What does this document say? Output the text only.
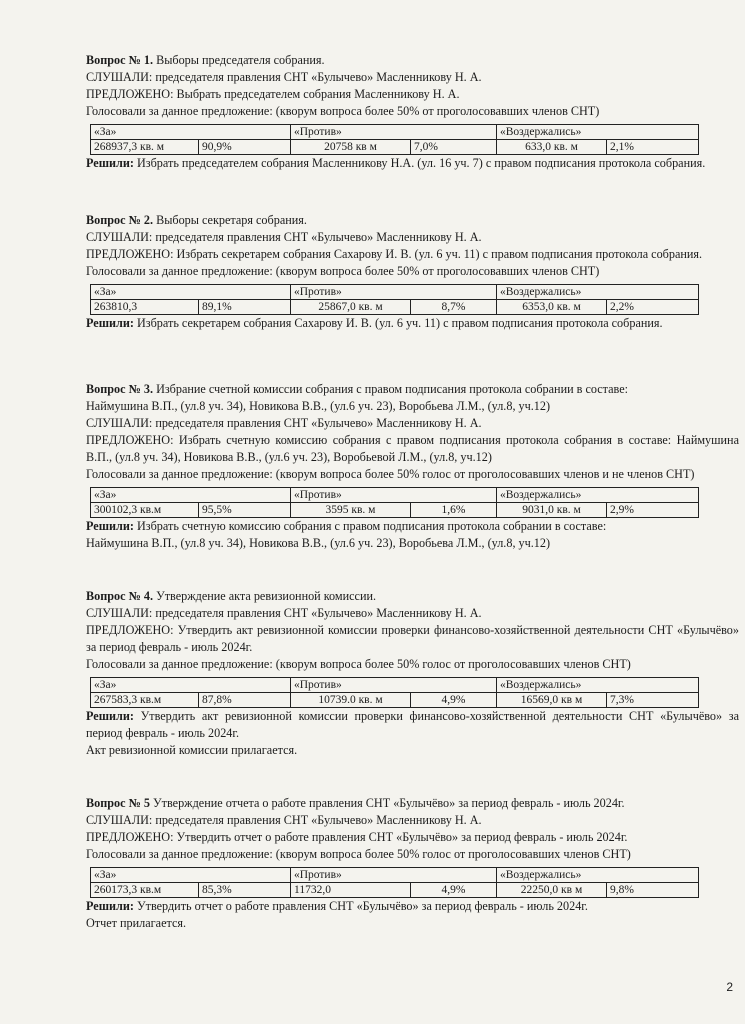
Вопрос № 1. Выборы председателя собрания.
СЛУШАЛИ: председателя правления СНТ «Булычево» Масленникову Н. А.
ПРЕДЛОЖЕНО: Выбрать председателем собрания Масленникову Н. А.
Голосовали за данное предложение: (кворум вопроса более 50% от проголосовавших членов СНТ)
«За»		«Против»		«Воздержались»	
268937,3 кв. м	90,9%	20758 кв м	7,0%	633,0 кв. м	2,1%
Решили: Избрать председателем собрания Масленникову Н.А. (ул. 16 уч. 7) с правом подписания протокола собрания.
Вопрос № 2. Выборы секретаря собрания.
СЛУШАЛИ: председателя правления СНТ «Булычево» Масленникову Н. А.
ПРЕДЛОЖЕНО: Избрать секретарем собрания Сахарову И. В. (ул. 6 уч. 11) с правом подписания протокола собрания.
Голосовали за данное предложение: (кворум вопроса более 50% от проголосовавших членов СНТ)
«За»		«Против»		«Воздержались»	
263810,3	89,1%	25867,0 кв. м	8,7%	6353,0 кв. м	2,2%
Решили: Избрать секретарем собрания Сахарову И. В. (ул. 6 уч. 11) с правом подписания протокола собрания.
Вопрос № 3. Избрание счетной комиссии собрания с правом подписания протокола собрании в составе:
Наймушина В.П., (ул.8 уч. 34), Новикова В.В., (ул.6 уч. 23), Воробьева Л.М., (ул.8, уч.12)
СЛУШАЛИ: председателя правления СНТ «Булычево» Масленникову Н. А.
ПРЕДЛОЖЕНО: Избрать счетную комиссию собрания с правом подписания протокола собрания в составе: Наймушина В.П., (ул.8 уч. 34), Новикова В.В., (ул.6 уч. 23), Воробьевой Л.М., (ул.8, уч.12)
Голосовали за данное предложение: (кворум вопроса более 50% голос от проголосовавших членов и не членов СНТ)
«За»		«Против»		«Воздержались»	
300102,3 кв.м	95,5%	3595 кв. м	1,6%	9031,0 кв. м	2,9%
Решили: Избрать счетную комиссию собрания с правом подписания протокола собрании в составе:
Наймушина В.П., (ул.8 уч. 34), Новикова В.В., (ул.6 уч. 23), Воробьева Л.М., (ул.8, уч.12)
Вопрос № 4. Утверждение акта ревизионной комиссии.
СЛУШАЛИ: председателя правления СНТ «Булычево» Масленникову Н. А.
ПРЕДЛОЖЕНО: Утвердить акт ревизионной комиссии проверки финансово-хозяйственной деятельности СНТ «Булычёво» за период февраль - июль 2024г.
Голосовали за данное предложение: (кворум вопроса более 50% голос от проголосовавших членов СНТ)
«За»		«Против»		«Воздержались»	
267583,3 кв.м	87,8%	10739.0 кв. м	4,9%	16569,0 кв м	7,3%
Решили: Утвердить акт ревизионной комиссии проверки финансово-хозяйственной деятельности СНТ «Булычёво» за период февраль - июль 2024г.
Акт ревизионной комиссии прилагается.
Вопрос № 5 Утверждение отчета о работе правления СНТ «Булычёво» за период февраль - июль 2024г.
СЛУШАЛИ: председателя правления СНТ «Булычево» Масленникову Н. А.
ПРЕДЛОЖЕНО: Утвердить отчет о работе правления СНТ «Булычёво» за период февраль - июль 2024г.
Голосовали за данное предложение: (кворум вопроса более 50% голос от проголосовавших членов СНТ)
«За»		«Против»		«Воздержались»	
260173,3 кв.м	85,3%	11732,0	4,9%	22250,0 кв м	9,8%
Решили: Утвердить отчет о работе правления СНТ «Булычёво» за период февраль - июль 2024г.
Отчет прилагается.
2
